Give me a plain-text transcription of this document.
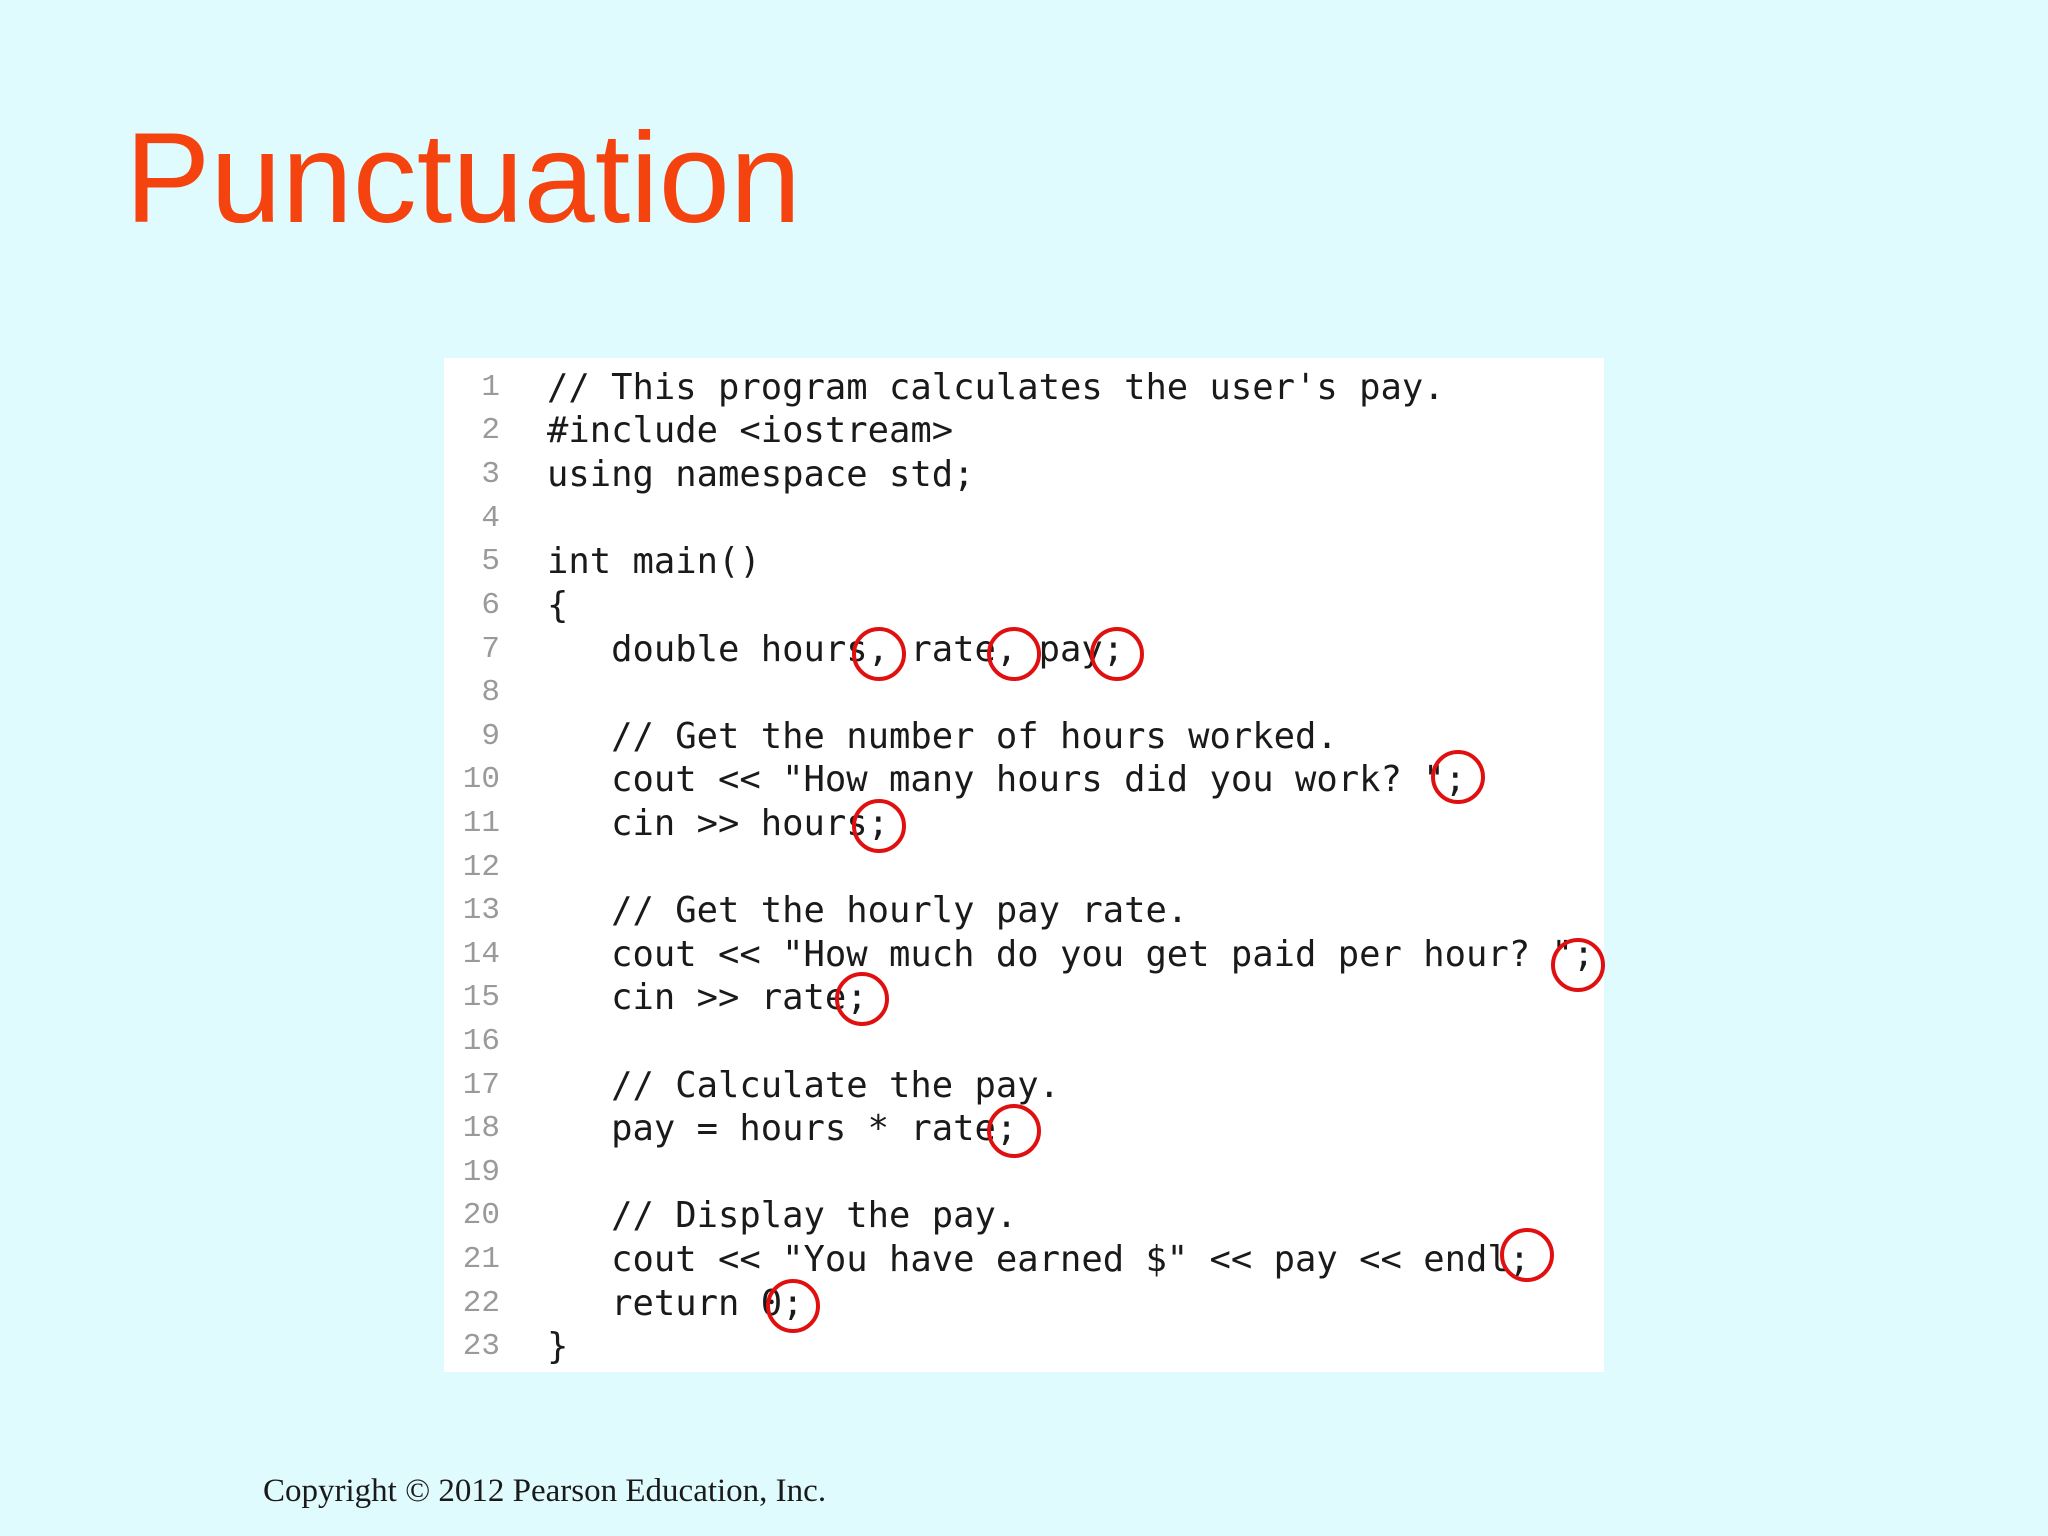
Punctuation
1 // This program calculates the user's pay.
2 #include <iostream>
3 using namespace std;
4
5 int main()
6 {
7 double hours, rate, pay;
8
9 // Get the number of hours worked.
10 cout << "How many hours did you work? ";
11 cin >> hours;
12
13 // Get the hourly pay rate.
14 cout << "How much do you get paid per hour? ";
15 cin >> rate;
16
17 // Calculate the pay.
18 pay = hours * rate;
19
20 // Display the pay.
21 cout << "You have earned $" << pay << endl;
22 return 0;
23 }
Copyright © 2012 Pearson Education, Inc.
